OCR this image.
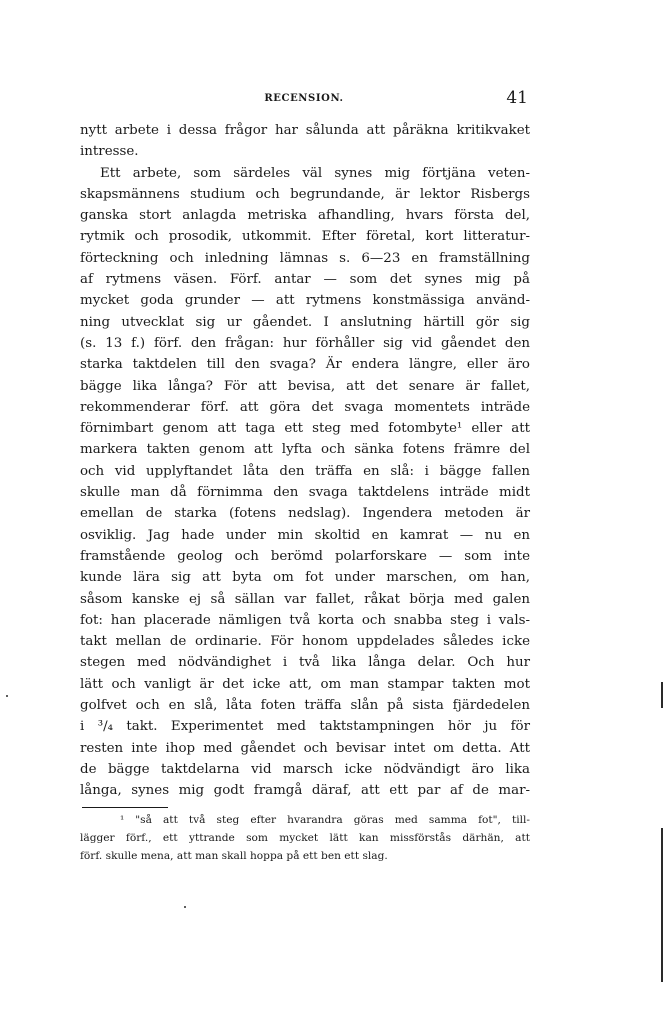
RECENSION.	41
nytt arbete i dessa frågor har sålunda att påräkna kritikvaket
intresse.
Ett arbete, som särdeles väl synes mig förtjäna veten-
skapsmännens studium och begrundande, är lektor Risbergs
ganska stort anlagda metriska afhandling, hvars första del,
rytmik och prosodik, utkommit. Efter företal, kort litteratur-
förteckning och inledning lämnas s. 6—23 en framställning
af rytmens väsen. Förf. antar — som det synes mig på
mycket goda grunder — att rytmens konstmässiga använd-
ning utvecklat sig ur gåendet. I anslutning härtill gör sig
(s. 13 f.) förf. den frågan: hur förhåller sig vid gåendet den
starka taktdelen till den svaga? Är endera längre, eller äro
bägge lika långa? För att bevisa, att det senare är fallet,
rekommenderar förf. att göra det svaga momentets inträde
förnimbart genom att taga ett steg med fotombyte¹ eller att
markera takten genom att lyfta och sänka fotens främre del
och vid upplyftandet låta den träffa en slå: i bägge fallen
skulle man då förnimma den svaga taktdelens inträde midt
emellan de starka (fotens nedslag). Ingendera metoden är
osviklig. Jag hade under min skoltid en kamrat — nu en
framstående geolog och berömd polarforskare — som inte
kunde lära sig att byta om fot under marschen, om han,
såsom kanske ej så sällan var fallet, råkat börja med galen
fot: han placerade nämligen två korta och snabba steg i vals-
takt mellan de ordinarie. För honom uppdelades således icke
stegen med nödvändighet i två lika långa delar. Och hur
lätt och vanligt är det icke att, om man stampar takten mot
golfvet och en slå, låta foten träffa slån på sista fjärdedelen
i ³/₄ takt. Experimentet med taktstampningen hör ju för
resten inte ihop med gåendet och bevisar intet om detta. Att
de bägge taktdelarna vid marsch icke nödvändigt äro lika
långa, synes mig godt framgå däraf, att ett par af de mar-
¹ "så att två steg efter hvarandra göras med samma fot", till-
lägger förf., ett yttrande som mycket lätt kan missförstås därhän, att
förf. skulle mena, att man skall hoppa på ett ben ett slag.
